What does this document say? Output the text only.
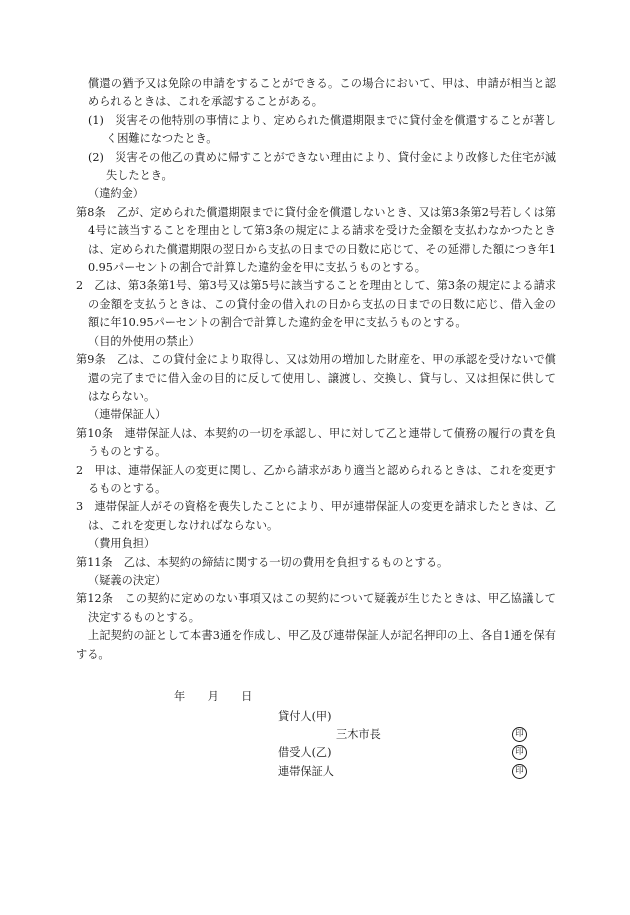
償還の猶予又は免除の申請をすることができる。この場合において、甲は、申請が相当と認められるときは、これを承認することがある。

(1)　災害その他特別の事情により、定められた償還期限までに貸付金を償還することが著しく困難になつたとき。

(2)　災害その他乙の責めに帰すことができない理由により、貸付金により改修した住宅が滅失したとき。

（違約金）

第8条　乙が、定められた償還期限までに貸付金を償還しないとき、又は第3条第2号若しくは第4号に該当することを理由として第3条の規定による請求を受けた金額を支払わなかつたときは、定められた償還期限の翌日から支払の日までの日数に応じて、その延滞した額につき年10.95パーセントの割合で計算した違約金を甲に支払うものとする。

2　乙は、第3条第1号、第3号又は第5号に該当することを理由として、第3条の規定による請求の金額を支払うときは、この貸付金の借入れの日から支払の日までの日数に応じ、借入金の額に年10.95パーセントの割合で計算した違約金を甲に支払うものとする。

（目的外使用の禁止）

第9条　乙は、この貸付金により取得し、又は効用の増加した財産を、甲の承認を受けないで償還の完了までに借入金の目的に反して使用し、譲渡し、交換し、貸与し、又は担保に供してはならない。

（連帯保証人）

第10条　連帯保証人は、本契約の一切を承認し、甲に対して乙と連帯して債務の履行の責を負うものとする。

2　甲は、連帯保証人の変更に関し、乙から請求があり適当と認められるときは、これを変更するものとする。

3　連帯保証人がその資格を喪失したことにより、甲が連帯保証人の変更を請求したときは、乙は、これを変更しなければならない。

（費用負担）

第11条　乙は、本契約の締結に関する一切の費用を負担するものとする。

（疑義の決定）

第12条　この契約に定めのない事項又はこの契約について疑義が生じたときは、甲乙協議して決定するものとする。

上記契約の証として本書3通を作成し、甲乙及び連帯保証人が記名押印の上、各自1通を保有する。

年　　月　　日
貸付人(甲)
三木市長	印
借受人(乙)	印
連帯保証人	印
